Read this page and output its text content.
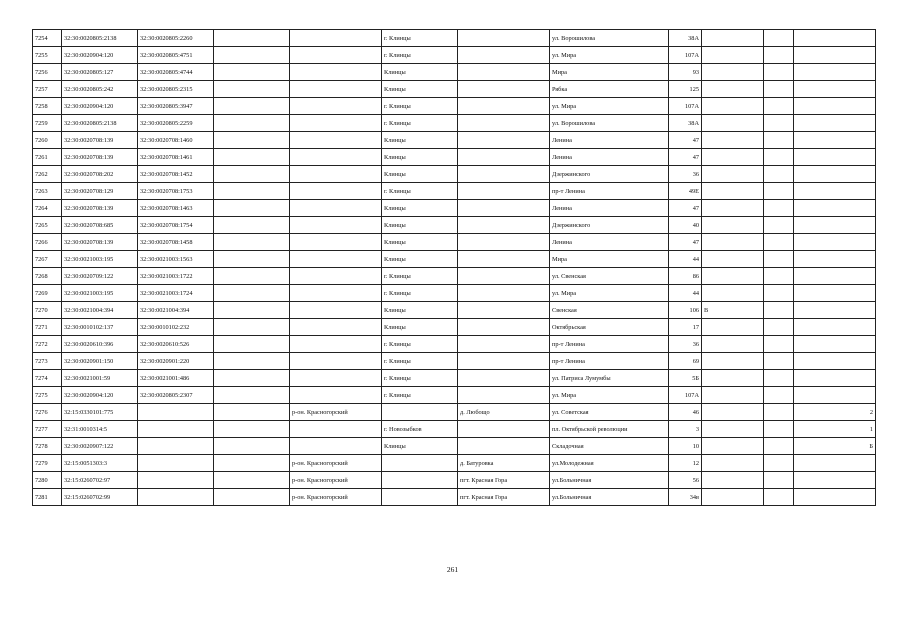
7254	32:30:0020805:2138	32:30:0020805:2260			г. Клинцы		ул. Ворошилова	38А			
7255	32:30:0020904:120	32:30:0020805:4751			г. Клинцы		ул. Мира	107А			
7256	32:30:0020805:127	32:30:0020805:4744			Клинцы		Мира	93			
7257	32:30:0020805:242	32:30:0020805:2315			Клинцы		Рябка	125			
7258	32:30:0020904:120	32:30:0020805:3947			г. Клинцы		ул. Мира	107А			
7259	32:30:0020805:2138	32:30:0020805:2259			г. Клинцы		ул. Ворошилова	38А			
7260	32:30:0020708:139	32:30:0020708:1460			Клинцы		Ленина	47			
7261	32:30:0020708:139	32:30:0020708:1461			Клинцы		Ленина	47			
7262	32:30:0020708:202	32:30:0020708:1452			Клинцы		Дзержинского	36			
7263	32:30:0020708:129	32:30:0020708:1753			г. Клинцы		пр-т Ленина	49Е			
7264	32:30:0020708:139	32:30:0020708:1463			Клинцы		Ленина	47			
7265	32:30:0020708:685	32:30:0020708:1754			Клинцы		Дзержинского	40			
7266	32:30:0020708:139	32:30:0020708:1458			Клинцы		Ленина	47			
7267	32:30:0021003:195	32:30:0021003:1563			Клинцы		Мира	44			
7268	32:30:0020709:122	32:30:0021003:1722			г. Клинцы		ул. Свенская	86			
7269	32:30:0021003:195	32:30:0021003:1724			г. Клинцы		ул. Мира	44			
7270	32:30:0021004:394	32:30:0021004:394			Клинцы		Свенская	106	В		
7271	32:30:0010102:137	32:30:0010102:232			Клинцы		Октябрьская	17			
7272	32:30:0020610:396	32:30:0020610:526			г. Клинцы		пр-т Ленина	36			
7273	32:30:0020901:150	32:30:0020901:220			г. Клинцы		пр-т Ленина	69			
7274	32:30:0021001:59	32:30:0021001:486			г. Клинцы		ул. Патриса Лумумбы	5Б			
7275	32:30:0020904:120	32:30:0020805:2307			г. Клинцы		ул. Мира	107А			
7276	32:15:0330101:775			р-он. Красногорский		д. Любощо	ул. Советская	46			2
7277	32:31:0010314:5				г. Новозыбков		пл. Октябрьской революции	3			1
7278	32:30:0020907:122				Клинцы		Складочная	10			Б
7279	32:15:0051303:3			р-он. Красногорский		д. Батуровка	ул.Молодежная	12			
7280	32:15:0260702:97			р-он. Красногорский		пгт. Красная Гора	ул.Больничная	56			
7281	32:15:0260702:99			р-он. Красногорский		пгт. Красная Гора	ул.Больничная	34в			
261
